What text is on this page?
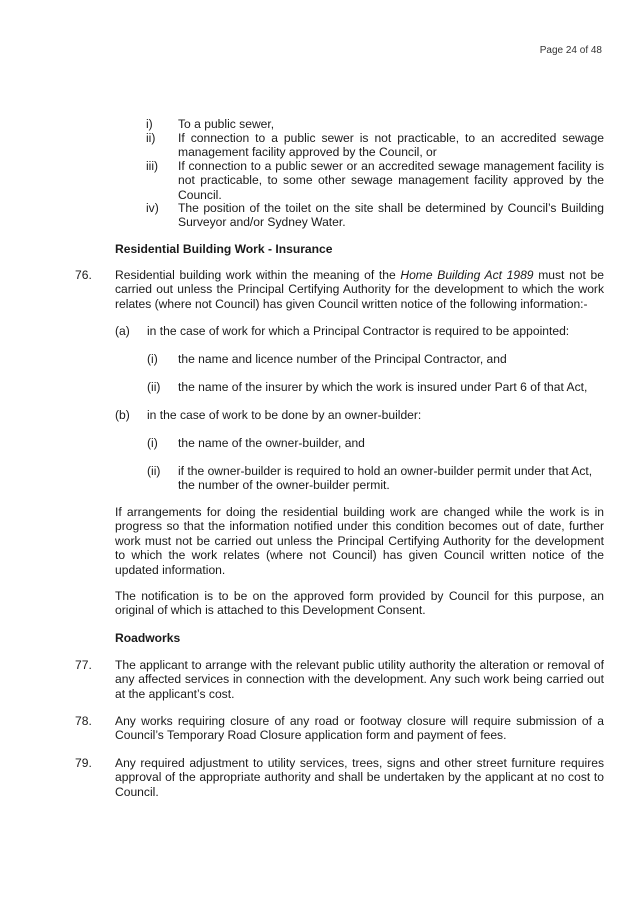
Page 24 of 48
i)	To a public sewer,
ii)	If connection to a public sewer is not practicable, to an accredited sewage management facility approved by the Council, or
iii)	If connection to a public sewer or an accredited sewage management facility is not practicable, to some other sewage management facility approved by the Council.
iv)	The position of the toilet on the site shall be determined by Council’s Building Surveyor and/or Sydney Water.
Residential Building Work - Insurance
76. Residential building work within the meaning of the Home Building Act 1989 must not be carried out unless the Principal Certifying Authority for the development to which the work relates (where not Council) has given Council written notice of the following information:-
(a) in the case of work for which a Principal Contractor is required to be appointed:
(i) the name and licence number of the Principal Contractor, and
(ii) the name of the insurer by which the work is insured under Part 6 of that Act,
(b) in the case of work to be done by an owner-builder:
(i) the name of the owner-builder, and
(ii) if the owner-builder is required to hold an owner-builder permit under that Act, the number of the owner-builder permit.
If arrangements for doing the residential building work are changed while the work is in progress so that the information notified under this condition becomes out of date, further work must not be carried out unless the Principal Certifying Authority for the development to which the work relates (where not Council) has given Council written notice of the updated information.
The notification is to be on the approved form provided by Council for this purpose, an original of which is attached to this Development Consent.
Roadworks
77. The applicant to arrange with the relevant public utility authority the alteration or removal of any affected services in connection with the development. Any such work being carried out at the applicant’s cost.
78. Any works requiring closure of any road or footway closure will require submission of a Council’s Temporary Road Closure application form and payment of fees.
79. Any required adjustment to utility services, trees, signs and other street furniture requires approval of the appropriate authority and shall be undertaken by the applicant at no cost to Council.
